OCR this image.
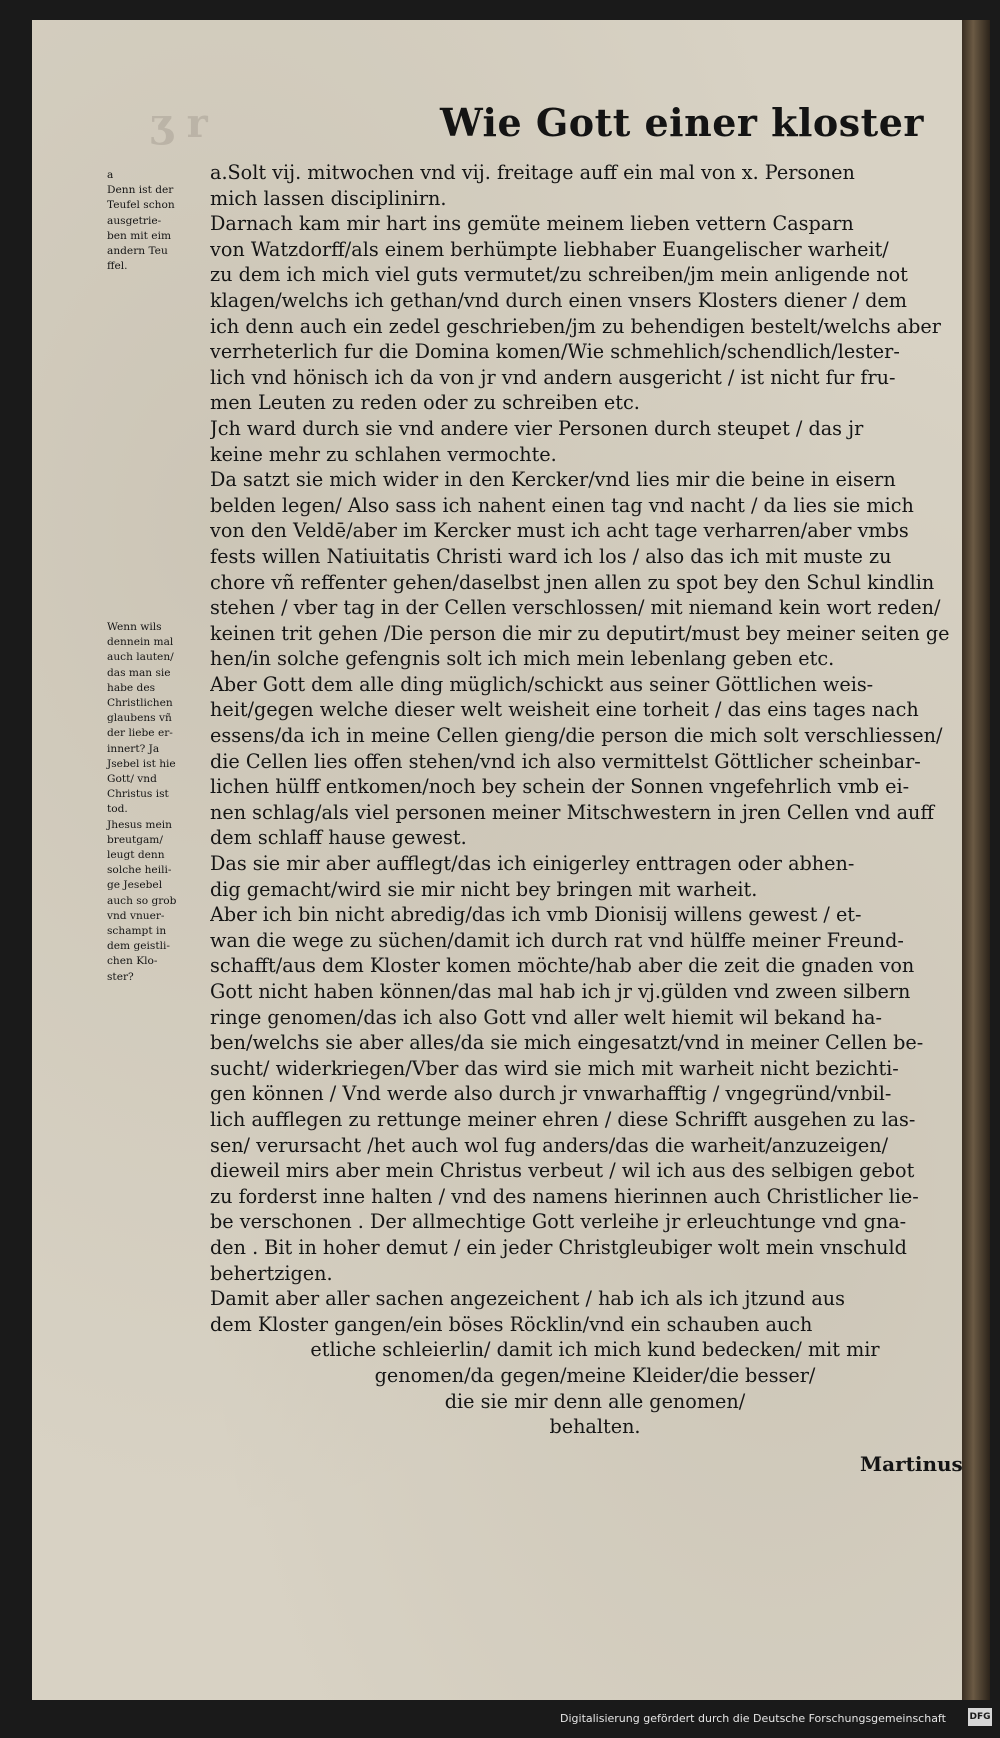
ʒ r	Wie Gott einer kloster
a
Denn ist der
Teufel schon
ausgetrie-
ben mit eim
andern Teu
ffel.
Wenn wils
dennein mal
auch lauten/
das man sie
habe des
Christlichen
glaubens vñ
der liebe er-
innert? Ja
Jsebel ist hie
Gott/ vnd
Christus ist
tod.
Jhesus mein
breutgam/
leugt denn
solche heili-
ge Jesebel
auch so grob
vnd vnuer-
schampt in
dem geistli-
chen Klo-
ster?
a.Solt vij. mitwochen vnd vij. freitage auff ein mal von x. Personen
mich lassen disciplinirn.
Darnach kam mir hart ins gemüte meinem lieben vettern Casparn
von Watzdorff/als einem berhümpte liebhaber Euangelischer warheit/
zu dem ich mich viel guts vermutet/zu schreiben/jm mein anligende not
klagen/welchs ich gethan/vnd durch einen vnsers Klosters diener / dem
ich denn auch ein zedel geschrieben/jm zu behendigen bestelt/welchs aber
verrheterlich fur die Domina komen/Wie schmehlich/schendlich/lester-
lich vnd hönisch ich da von jr vnd andern ausgericht / ist nicht fur fru-
men Leuten zu reden oder zu schreiben etc.
Jch ward durch sie vnd andere vier Personen durch steupet / das jr
keine mehr zu schlahen vermochte.
Da satzt sie mich wider in den Kercker/vnd lies mir die beine in eisern
belden legen/ Also sass ich nahent einen tag vnd nacht / da lies sie mich
von den Veldē/aber im Kercker must ich acht tage verharren/aber vmbs
fests willen Natiuitatis Christi ward ich los / also das ich mit muste zu
chore vñ reffenter gehen/daselbst jnen allen zu spot bey den Schul kindlin
stehen / vber tag in der Cellen verschlossen/ mit niemand kein wort reden/
keinen trit gehen /Die person die mir zu deputirt/must bey meiner seiten ge
hen/in solche gefengnis solt ich mich mein lebenlang geben etc.
Aber Gott dem alle ding müglich/schickt aus seiner Göttlichen weis-
heit/gegen welche dieser welt weisheit eine torheit / das eins tages nach
essens/da ich in meine Cellen gieng/die person die mich solt verschliessen/
die Cellen lies offen stehen/vnd ich also vermittelst Göttlicher scheinbar-
lichen hülff entkomen/noch bey schein der Sonnen vngefehrlich vmb ei-
nen schlag/als viel personen meiner Mitschwestern in jren Cellen vnd auff
dem schlaff hause gewest.
Das sie mir aber aufflegt/das ich einigerley enttragen oder abhen-
dig gemacht/wird sie mir nicht bey bringen mit warheit.
Aber ich bin nicht abredig/das ich vmb Dionisij willens gewest / et-
wan die wege zu süchen/damit ich durch rat vnd hülffe meiner Freund-
schafft/aus dem Kloster komen möchte/hab aber die zeit die gnaden von
Gott nicht haben können/das mal hab ich jr vj.gülden vnd zween silbern
ringe genomen/das ich also Gott vnd aller welt hiemit wil bekand ha-
ben/welchs sie aber alles/da sie mich eingesatzt/vnd in meiner Cellen be-
sucht/ widerkriegen/Vber das wird sie mich mit warheit nicht bezichti-
gen können / Vnd werde also durch jr vnwarhafftig / vngegründ/vnbil-
lich aufflegen zu rettunge meiner ehren / diese Schrifft ausgehen zu las-
sen/ verursacht /het auch wol fug anders/das die warheit/anzuzeigen/
dieweil mirs aber mein Christus verbeut / wil ich aus des selbigen gebot
zu forderst inne halten / vnd des namens hierinnen auch Christlicher lie-
be verschonen . Der allmechtige Gott verleihe jr erleuchtunge vnd gna-
den . Bit in hoher demut / ein jeder Christgleubiger wolt mein vnschuld
behertzigen.
Damit aber aller sachen angezeichent / hab ich als ich jtzund aus
dem Kloster gangen/ein böses Röcklin/vnd ein schauben auch
etliche schleierlin/ damit ich mich kund bedecken/ mit mir
genomen/da gegen/meine Kleider/die besser/
die sie mir denn alle genomen/
behalten.
Martinus
Digitalisierung gefördert durch die Deutsche Forschungsgemeinschaft	DFG
